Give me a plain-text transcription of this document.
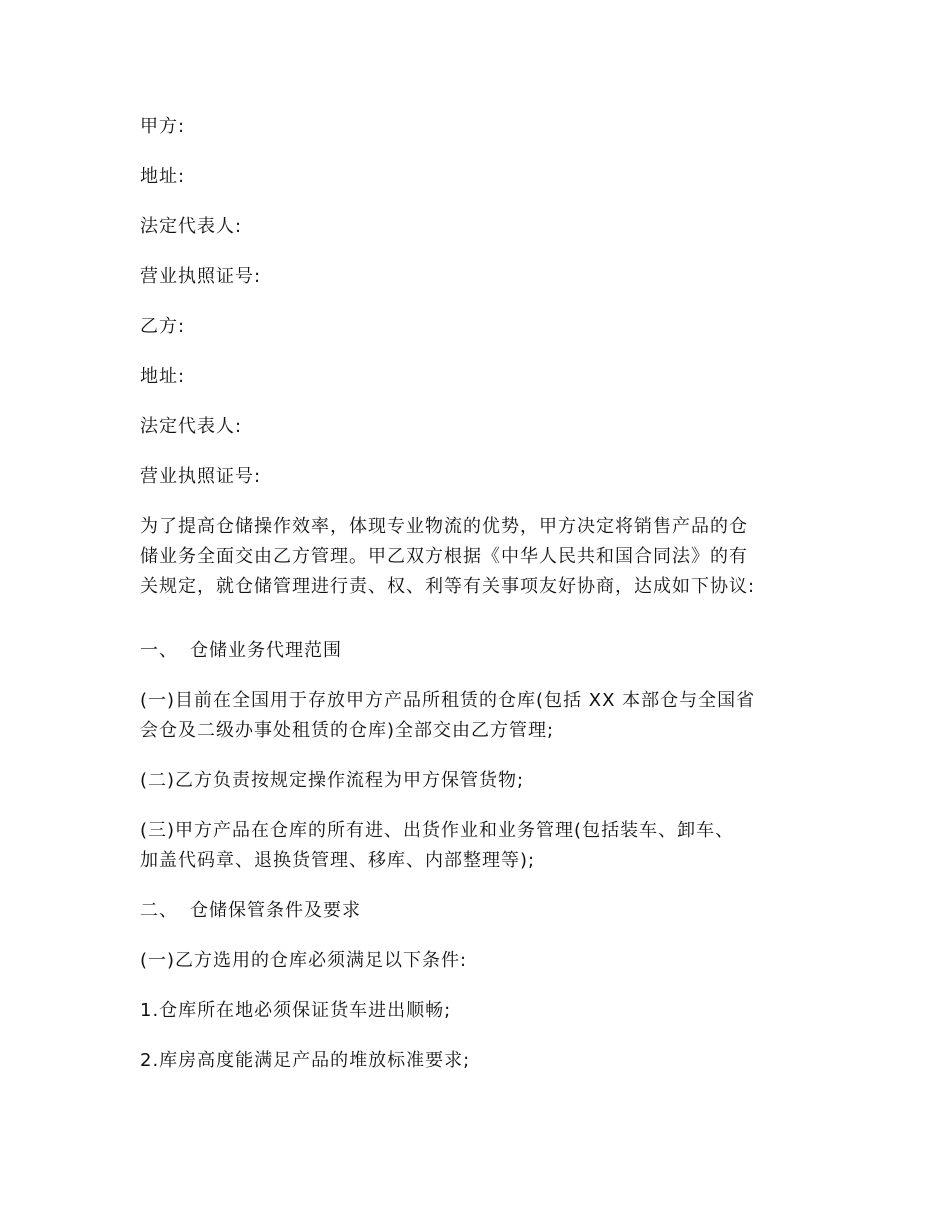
甲方:

地址:

法定代表人:

营业执照证号:

乙方:

地址:

法定代表人:

营业执照证号:

为了提高仓储操作效率，体现专业物流的优势，甲方决定将销售产品的仓

储业务全面交由乙方管理。甲乙双方根据《中华人民共和国合同法》的有

关规定，就仓储管理进行责、权、利等有关事项友好协商，达成如下协议:

一、 仓储业务代理范围

(一)目前在全国用于存放甲方产品所租赁的仓库(包括 XX 本部仓与全国省

会仓及二级办事处租赁的仓库)全部交由乙方管理;

(二)乙方负责按规定操作流程为甲方保管货物;

(三)甲方产品在仓库的所有进、出货作业和业务管理(包括装车、卸车、

加盖代码章、退换货管理、移库、内部整理等);

二、 仓储保管条件及要求

(一)乙方选用的仓库必须满足以下条件:

1.仓库所在地必须保证货车进出顺畅;

2.库房高度能满足产品的堆放标准要求;
